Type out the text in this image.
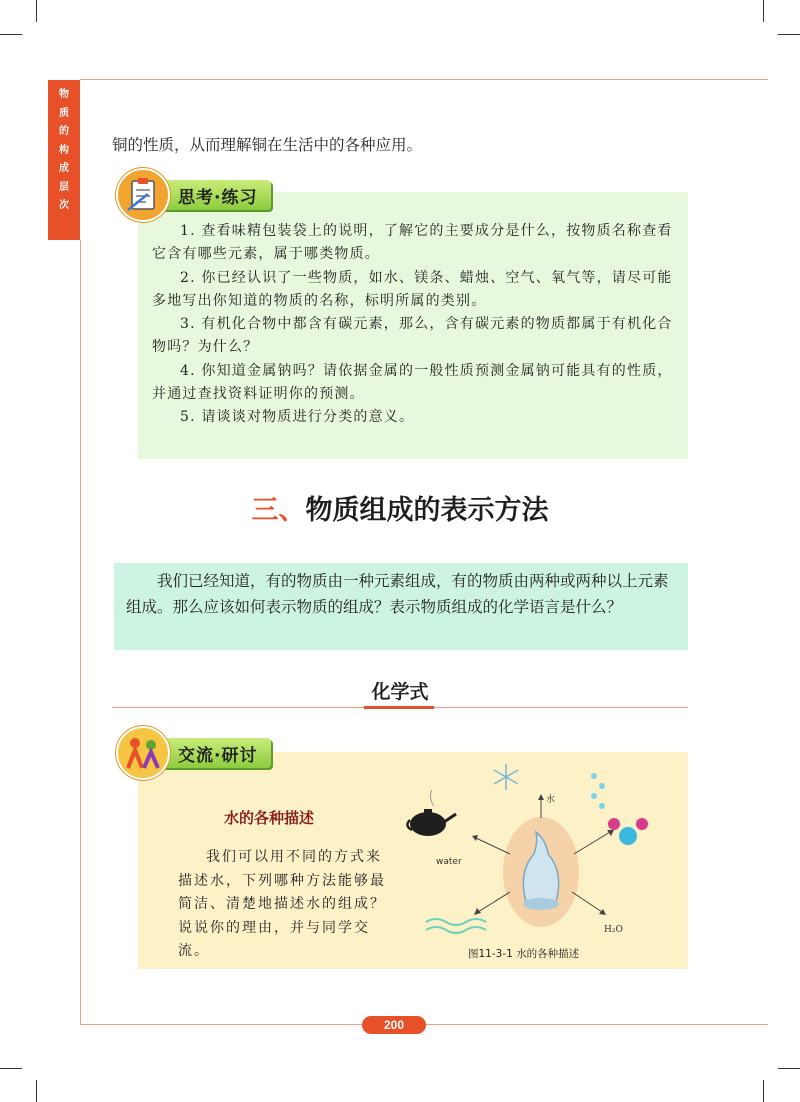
物
质
的
构
成
层
次
铜的性质，从而理解铜在生活中的各种应用。

1. 查看味精包装袋上的说明，了解它的主要成分是什么，按物质名称查看它含有哪些元素，属于哪类物质。

2. 你已经认识了一些物质，如水、镁条、蜡烛、空气、氧气等，请尽可能多地写出你知道的物质的名称，标明所属的类别。

3. 有机化合物中都含有碳元素，那么，含有碳元素的物质都属于有机化合物吗？为什么？

4. 你知道金属钠吗？请依据金属的一般性质预测金属钠可能具有的性质，并通过查找资料证明你的预测。

5. 请谈谈对物质进行分类的意义。

思考·练习
三、物质组成的表示方法

我们已经知道，有的物质由一种元素组成，有的物质由两种或两种以上元素组成。那么应该如何表示物质的组成？表示物质组成的化学语言是什么？

化学式
水的各种描述

我们可以用不同的方式来描述水，下列哪种方法能够最简洁、清楚地描述水的组成？说说你的理由，并与同学交流。

water
水
H₂O
图11-3-1 水的各种描述
交流·研讨
200
